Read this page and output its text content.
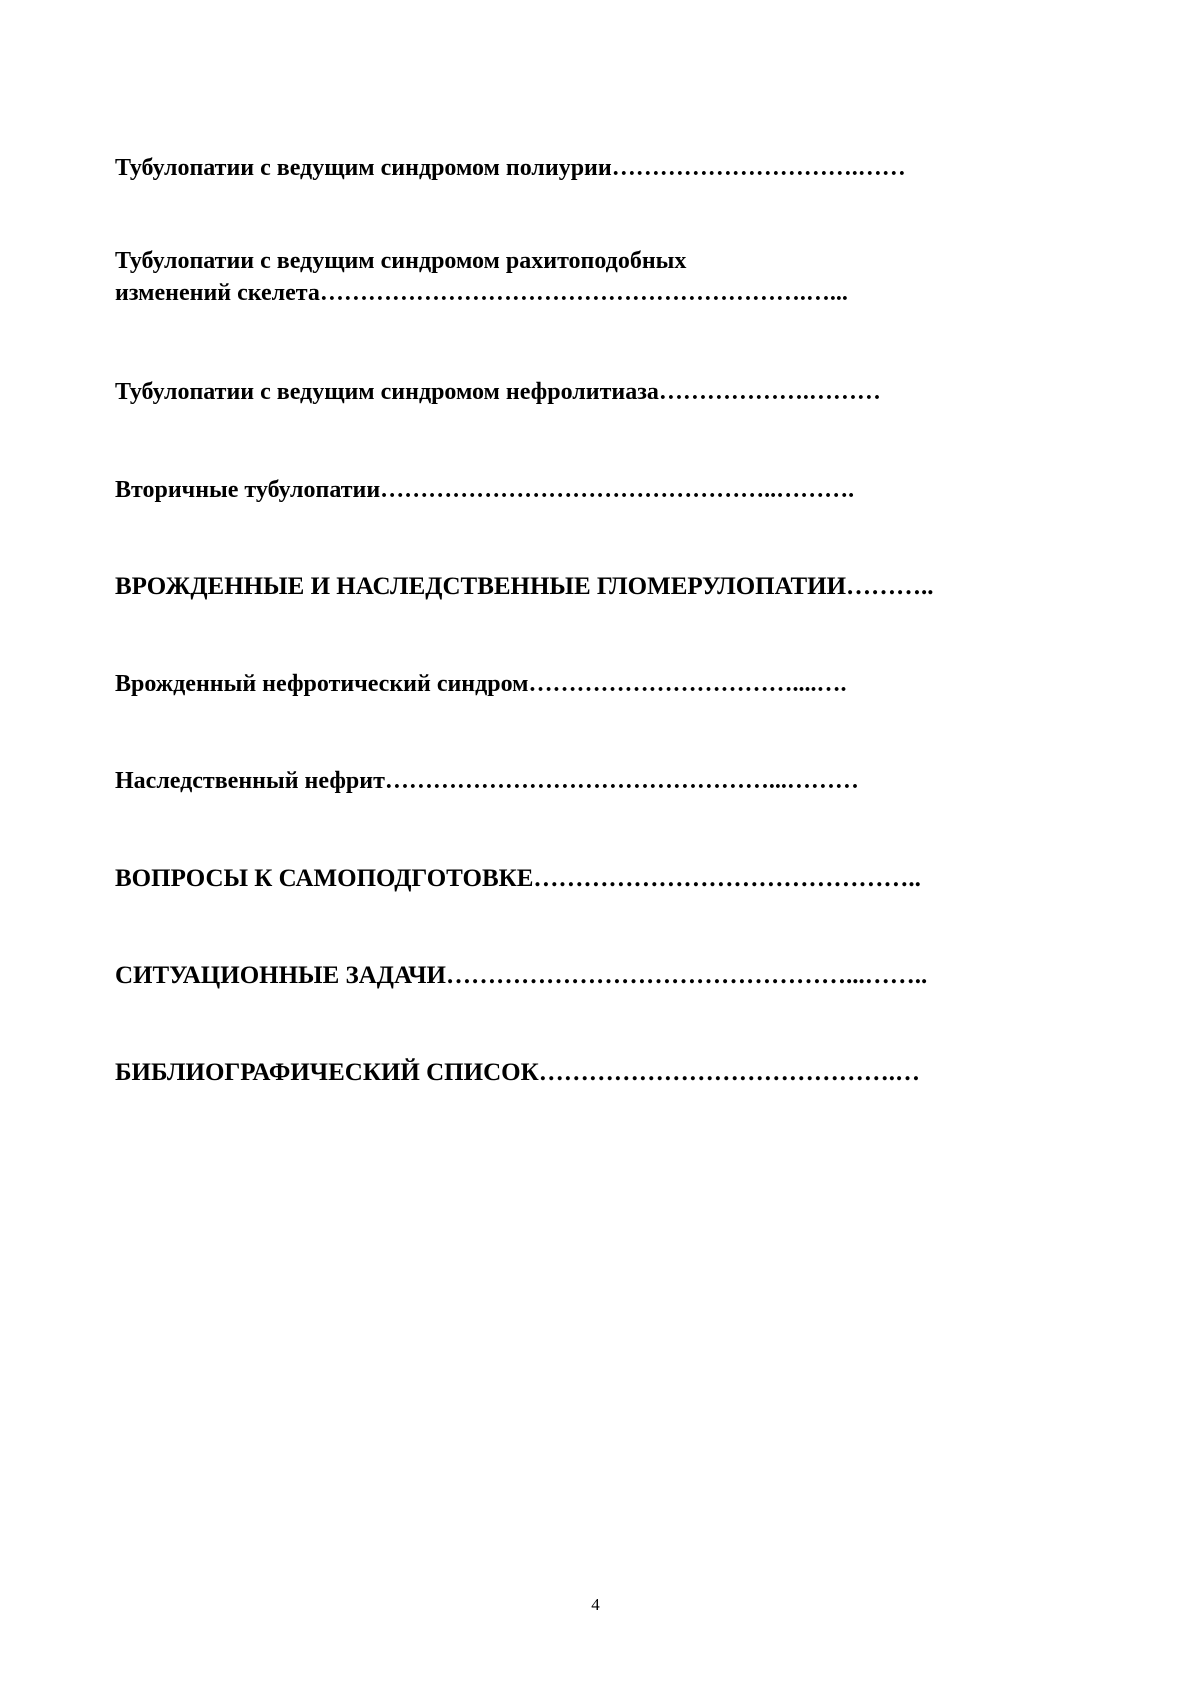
Тубулопатии с ведущим синдромом полиурии………………………….……
Тубулопатии с ведущим синдромом рахитоподобных
изменений скелета…………………………………………………….…...
Тубулопатии с ведущим синдромом нефролитиаза……………….………
Вторичные тубулопатии…………………………………………..……….
ВРОЖДЕННЫЕ И НАСЛЕДСТВЕННЫЕ ГЛОМЕРУЛОПАТИИ………..
Врожденный нефротический синдром……………………………....….
Наследственный нефрит…………………………………………...………
ВОПРОСЫ К САМОПОДГОТОВКЕ………………………………………..
СИТУАЦИОННЫЕ ЗАДАЧИ…………………………………………...……..
БИБЛИОГРАФИЧЕСКИЙ СПИСОК…………………………………….…
4
